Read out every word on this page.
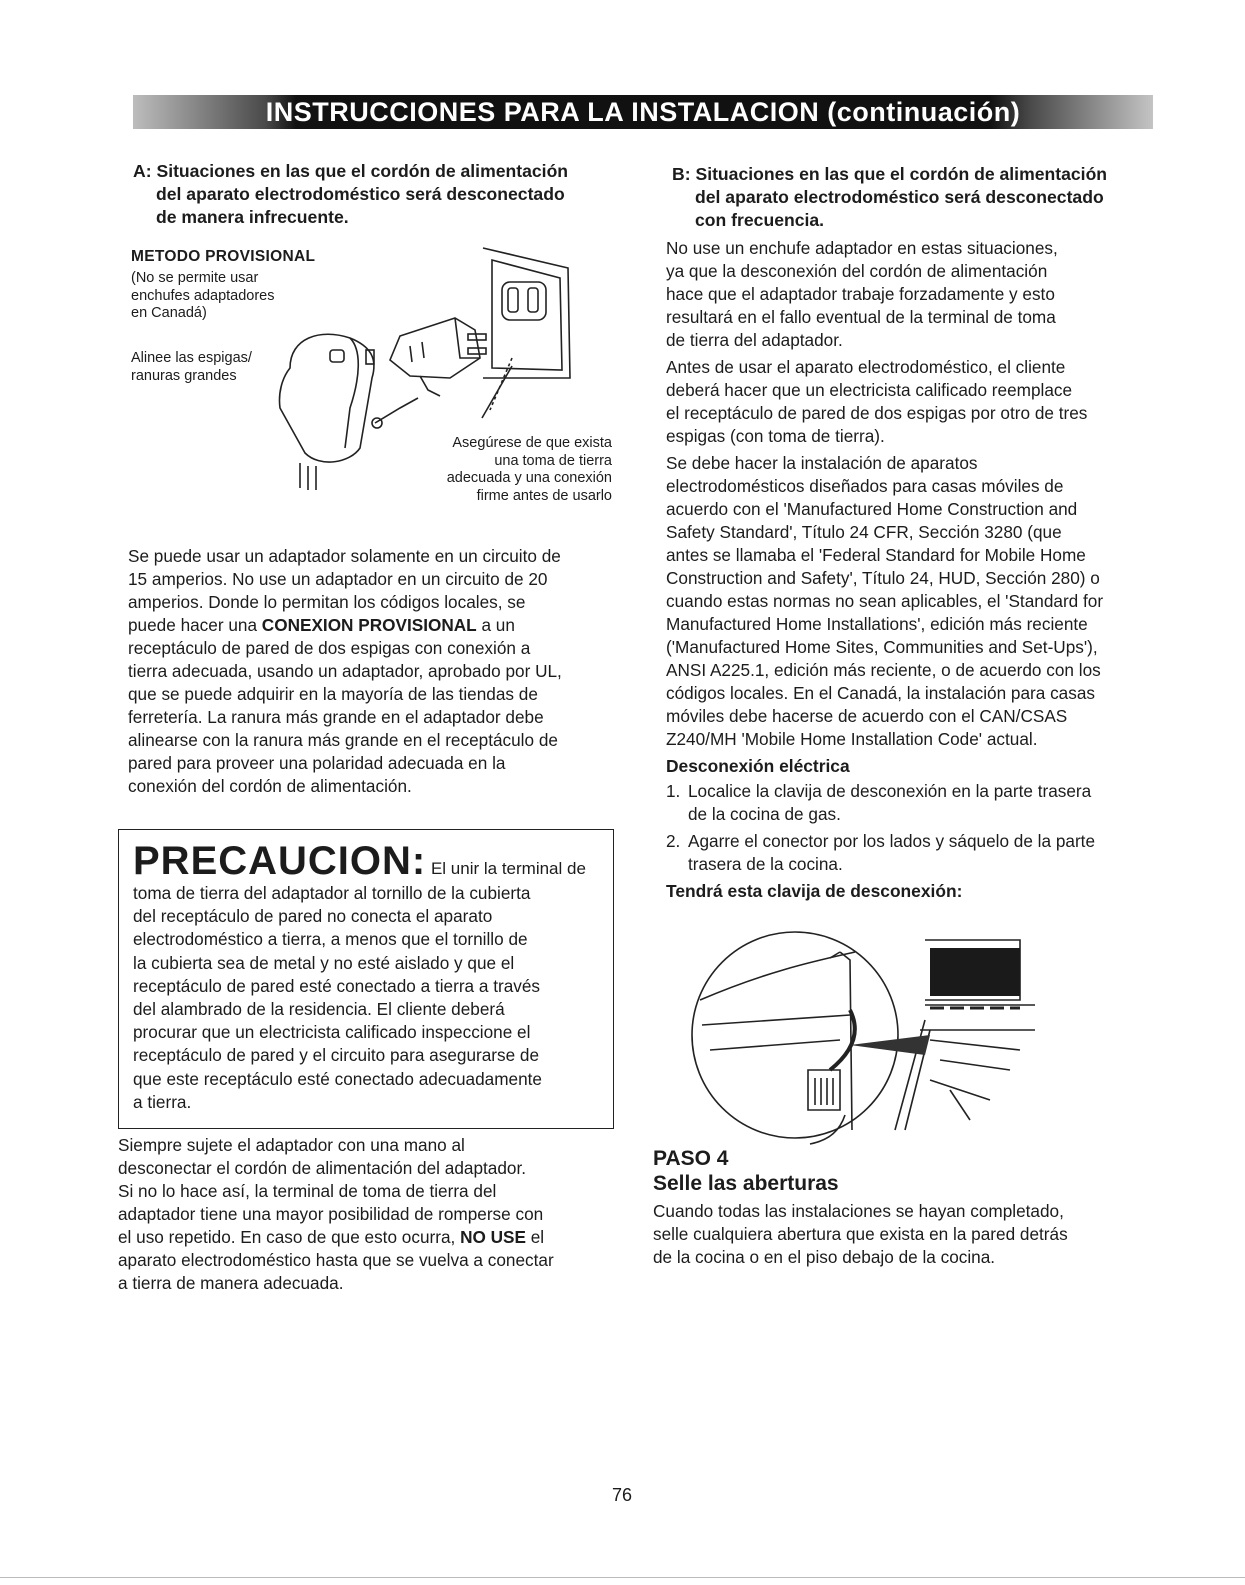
INSTRUCCIONES PARA LA INSTALACION (continuación)
A: Situaciones en las que el cordón de alimentación
del aparato electrodoméstico será desconectado
de manera infrecuente.
METODO PROVISIONAL
(No se permite usar
enchufes adaptadores
en Canadá)
Alinee las espigas/
ranuras grandes
Asegúrese de que exista
una toma de tierra
adecuada y una conexión
firme antes de usarlo
Se puede usar un adaptador solamente en un circuito de
15 amperios. No use un adaptador en un circuito de 20
amperios. Donde lo permitan los códigos locales, se
puede hacer una CONEXION PROVISIONAL a un
receptáculo de pared de dos espigas con conexión a
tierra adecuada, usando un adaptador, aprobado por UL,
que se puede adquirir en la mayoría de las tiendas de
ferretería. La ranura más grande en el adaptador debe
alinearse con la ranura más grande en el receptáculo de
pared para proveer una polaridad adecuada en la
conexión del cordón de alimentación.
PRECAUCION: El unir la terminal de
toma de tierra del adaptador al tornillo de la cubierta
del receptáculo de pared no conecta el aparato
electrodoméstico a tierra, a menos que el tornillo de
la cubierta sea de metal y no esté aislado y que el
receptáculo de pared esté conectado a tierra a través
del alambrado de la residencia. El cliente deberá
procurar que un electricista calificado inspeccione el
receptáculo de pared y el circuito para asegurarse de
que este receptáculo esté conectado adecuadamente
a tierra.
Siempre sujete el adaptador con una mano al
desconectar el cordón de alimentación del adaptador.
Si no lo hace así, la terminal de toma de tierra del
adaptador tiene una mayor posibilidad de romperse con
el uso repetido. En caso de que esto ocurra, NO USE el
aparato electrodoméstico hasta que se vuelva a conectar
a tierra de manera adecuada.
B: Situaciones en las que el cordón de alimentación
del aparato electrodoméstico será desconectado
con frecuencia.
No use un enchufe adaptador en estas situaciones,
ya que la desconexión del cordón de alimentación
hace que el adaptador trabaje forzadamente y esto
resultará en el fallo eventual de la terminal de toma
de tierra del adaptador.
Antes de usar el aparato electrodoméstico, el cliente
deberá hacer que un electricista calificado reemplace
el receptáculo de pared de dos espigas por otro de tres
espigas (con toma de tierra).
Se debe hacer la instalación de aparatos
electrodomésticos diseñados para casas móviles de
acuerdo con el 'Manufactured Home Construction and
Safety Standard', Título 24 CFR, Sección 3280 (que
antes se llamaba el 'Federal Standard for Mobile Home
Construction and Safety', Título 24, HUD, Sección 280) o
cuando estas normas no sean aplicables, el 'Standard for
Manufactured Home Installations', edición más reciente
('Manufactured Home Sites, Communities and Set-Ups'),
ANSI A225.1, edición más reciente, o de acuerdo con los
códigos locales. En el Canadá, la instalación para casas
móviles debe hacerse de acuerdo con el CAN/CSAS
Z240/MH 'Mobile Home Installation Code' actual.
Desconexión eléctrica
1. Localice la clavija de desconexión en la parte trasera
de la cocina de gas.
2. Agarre el conector por los lados y sáquelo de la parte
trasera de la cocina.
Tendrá esta clavija de desconexión:
PASO 4
Selle las aberturas
Cuando todas las instalaciones se hayan completado,
selle cualquiera abertura que exista en la pared detrás
de la cocina o en el piso debajo de la cocina.
76
